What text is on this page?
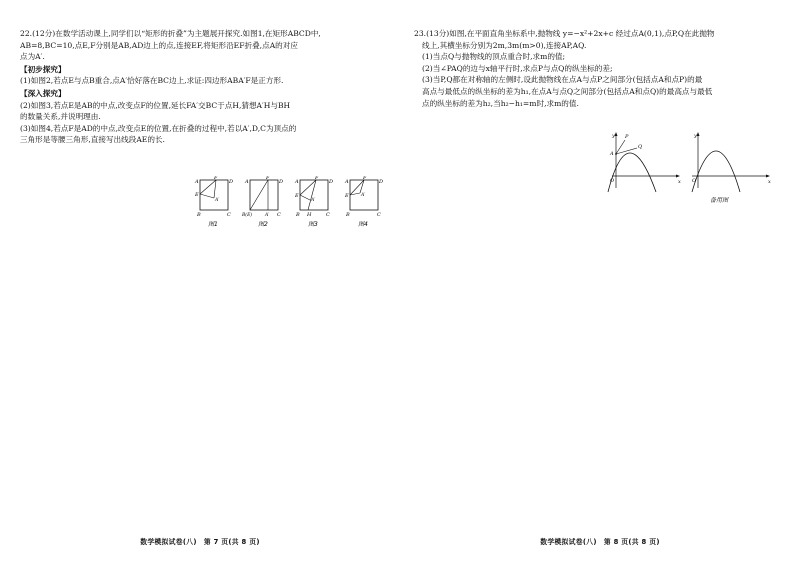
22.(12分)在数学活动课上,同学们以“矩形的折叠”为主题展开探究.如图1,在矩形ABCD中,

AB=8,BC=10,点E,F分别是AB,AD边上的点,连接EF,将矩形沿EF折叠,点A的对应

点为A′.

【初步探究】

(1)如图2,若点E与点B重合,点A′恰好落在BC边上,求证:四边形ABA′F是正方形.

【深入探究】

(2)如图3,若点E是AB的中点,改变点F的位置,延长FA′交BC于点H,猜想A′H与BH

的数量关系,并说明理由.

(3)如图4,若点F是AD的中点,改变点E的位置,在折叠的过程中,若以A′,D,C为顶点的

三角形是等腰三角形,直接写出线段AE的长.

A	D
F
E
A′
B	C
图1
A
F
D
B(E)	A′ C
图2
A
F
D
E
A′
B H	C
图3
A
F
D
E	A′
B	C
图4
数学模拟试卷(八)　第 7 页(共 8 页)

23.(13分)如图,在平面直角坐标系中,抛物线 y=−x²+2x+c 经过点A(0,1),点P,Q在此抛物

线上,其横坐标分别为2m,3m(m>0),连接AP,AQ.

(1)当点Q与抛物线的顶点重合时,求m的值;

(2)当∠PAQ的边与x轴平行时,求点P与点Q的纵坐标的差;

(3)当P,Q都在对称轴的左侧时,设此抛物线在点A与点P之间部分(包括点A和点P)的最

高点与最低点的纵坐标的差为h₁,在点A与点Q之间部分(包括点A和点Q)的最高点与最低

点的纵坐标的差为h₂,当h₂−h₁=m时,求m的值.

y
x
O
A
P
Q
y
x
O
备用图
数学模拟试卷(八)　第 8 页(共 8 页)
